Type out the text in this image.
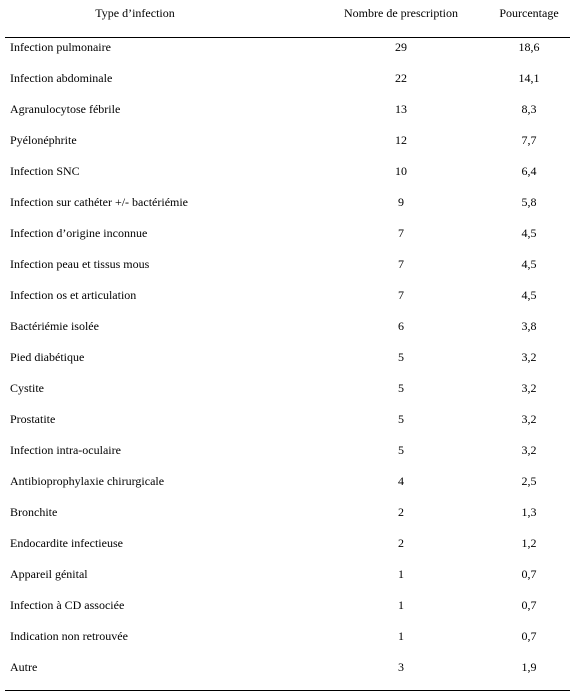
Type d’infection	Nombre de prescription	Pourcentage
Infection pulmonaire	29	18,6
Infection abdominale	22	14,1
Agranulocytose fébrile	13	8,3
Pyélonéphrite	12	7,7
Infection SNC	10	6,4
Infection sur cathéter +/- bactériémie	9	5,8
Infection d’origine inconnue	7	4,5
Infection peau et tissus mous	7	4,5
Infection os et articulation	7	4,5
Bactériémie isolée	6	3,8
Pied diabétique	5	3,2
Cystite	5	3,2
Prostatite	5	3,2
Infection intra-oculaire	5	3,2
Antibioprophylaxie chirurgicale	4	2,5
Bronchite	2	1,3
Endocardite infectieuse	2	1,2
Appareil génital	1	0,7
Infection à CD associée	1	0,7
Indication non retrouvée	1	0,7
Autre	3	1,9
